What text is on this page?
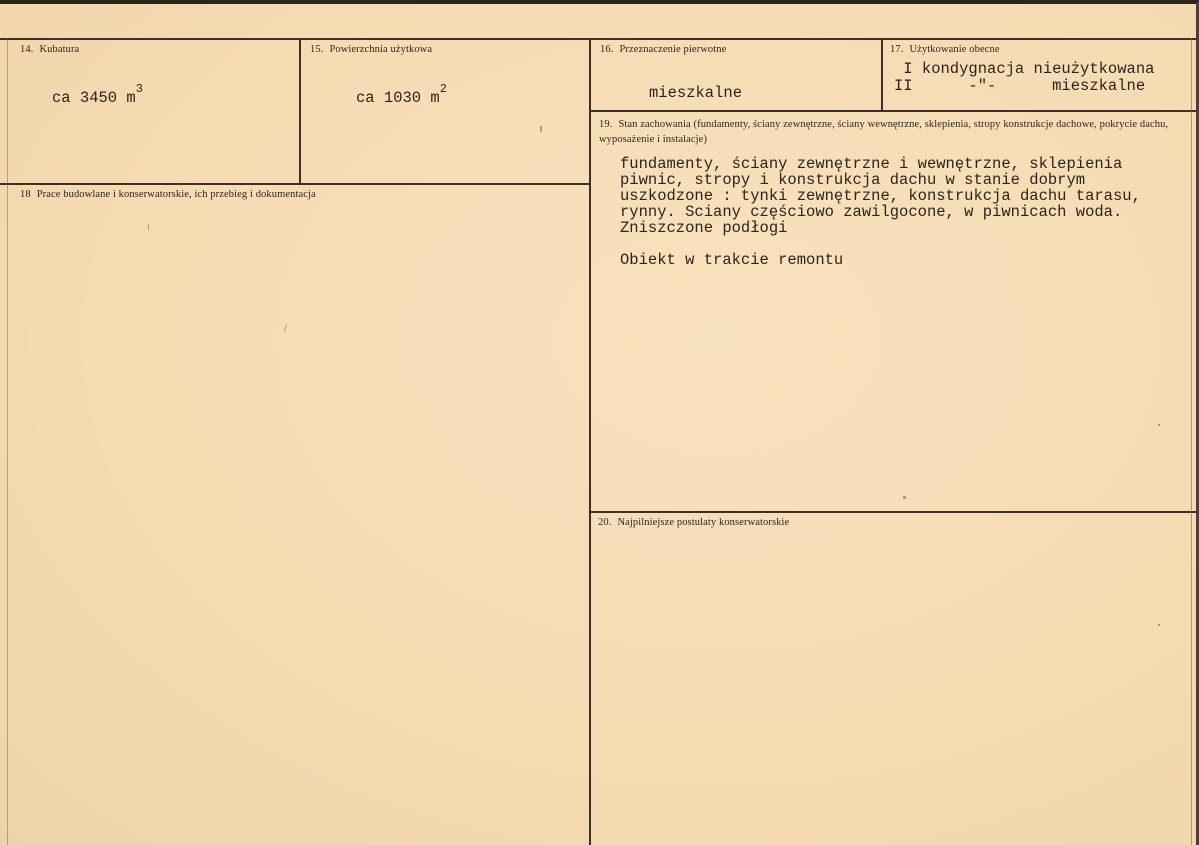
14. Kubatura
ca 3450 $m^3$
15. Powierzchnia użytkowa
ca 1030 $m^2$
16. Przeznaczenie pierwotne
mieszkalne
17. Użytkowanie obecne
I kondygnacja nieużytkowana
II      -"-      mieszkalne
18 Prace budowlane i konserwatorskie, ich przebieg i dokumentacja
19. Stan zachowania (fundamenty, ściany zewnętrzne, ściany wewnętrzne, sklepienia, stropy konstrukcje dachowe, pokrycie dachu, wyposażenie i instalacje)
fundamenty, ściany zewnętrzne i wewnętrzne, sklepienia
piwnic, stropy i konstrukcja dachu w stanie dobrym
uszkodzone : tynki zewnętrzne, konstrukcja dachu tarasu,
rynny. Sciany częściowo zawilgocone, w piwnicach woda.
Zniszczone podłogi
Obiekt w trakcie remontu
20. Najpilniejsze postulaty konserwatorskie
